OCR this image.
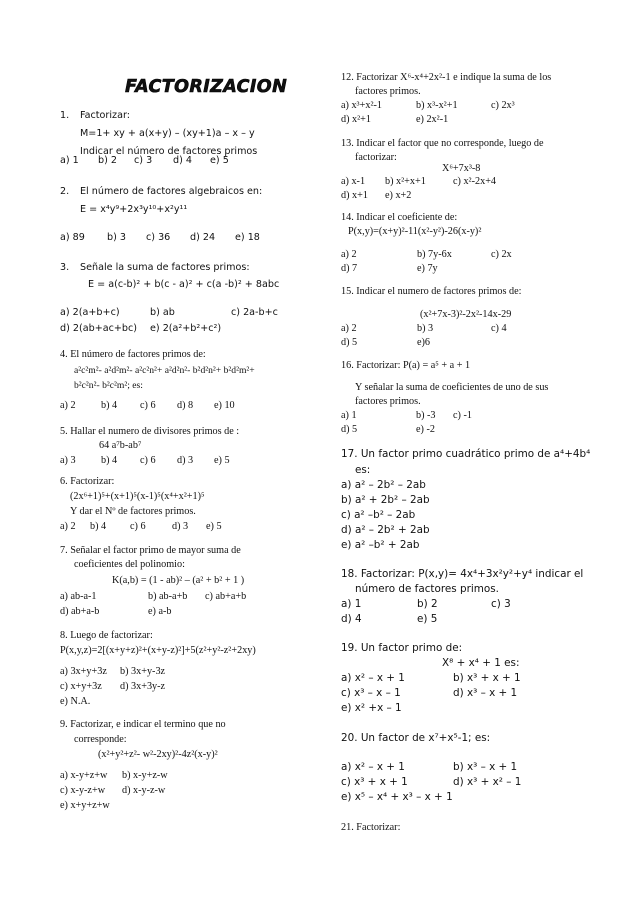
FACTORIZACION
1. Factorizar:
M=1+ xy + a(x+y) – (xy+1)a – x – y
Indicar el número de factores primos
a) 1 b) 2 c) 3 d) 4 e) 5
2. El número de factores algebraicos en:
E = x⁴y⁹+2x³y¹⁰+x²y¹¹
a) 89 b) 3 c) 36 d) 24 e) 18
3. Señale la suma de factores primos:
E = a(c-b)² + b(c - a)² + c(a -b)² + 8abc
a) 2(a+b+c)	b) ab	c) 2a-b+c
d) 2(ab+ac+bc) e) 2(a²+b²+c²)
4. El número de factores primos de:
a²c²m²- a²d²m²- a²c²n²+ a²d²n²- b²d²n²+ b²d²m²+
b²c²n²- b²c²m²; es:
a) 2 b) 4 c) 6 d) 8 e) 10
5. Hallar el numero de divisores primos de :
64 a⁷b-ab⁷
a) 3 b) 4 c) 6 d) 3 e) 5
6. Factorizar:
(2x⁶+1)⁵+(x+1)⁵(x-1)⁵(x⁴+x²+1)⁵
Y dar el Nº de factores primos.
a) 2 b) 4 c) 6	d) 3 e) 5
7. Señalar el factor primo de mayor suma de
coeficientes del polinomio:
K(a,b) = (1 - ab)² – (a² + b² + 1 )
a) ab-a-1	b) ab-a+b c) ab+a+b
d) ab+a-b	e) a-b
8. Luego de factorizar:
P(x,y,z)=2[(x+y+z)²+(x+y-z)²]+5(z²+y²-z²+2xy)
a) 3x+y+3z b) 3x+y-3z
c) x+y+3z d) 3x+3y-z
e) N.A.
9. Factorizar, e indicar el termino que no
corresponde:
(x²+y²+z²- w²-2xy)²-4z²(x-y)²
a) x-y+z+w b) x-y+z-w
c) x-y-z+w d) x-y-z-w
e) x+y+z+w
12. Factorizar X⁶-x⁴+2x²-1 e indique la suma de los
factores primos.
a) x³+x²-1	b) x³-x²+1	c) 2x³
d) x²+1	e) 2x²-1
13. Indicar el factor que no corresponde, luego de
factorizar:
X⁶+7x³-8
a) x-1 b) x²+x+1	c) x²-2x+4
d) x+1 e) x+2
14. Indicar el coeficiente de:
P(x,y)=(x+y)²-11(x²-y²)-26(x-y)²
a) 2	b) 7y-6x	c) 2x
d) 7	e) 7y
15. Indicar el numero de factores primos de:
(x²+7x-3)²-2x²-14x-29
a) 2	b) 3	c) 4
d) 5	e)6
16. Factorizar: P(a) = a⁵ + a + 1
Y señalar la suma de coeficientes de uno de sus
factores primos.
a) 1	b) -3 c) -1
d) 5	e) -2
17. Un factor primo cuadrático primo de a⁴+4b⁴
es:
a) a² – 2b² – 2ab
b) a² + 2b² – 2ab
c) a² –b² – 2ab
d) a² – 2b² + 2ab
e) a² –b² + 2ab
18. Factorizar: P(x,y)= 4x⁴+3x²y²+y⁴ indicar el
número de factores primos.
a) 1	b) 2	c) 3
d) 4	e) 5
19. Un factor primo de:
X⁸ + x⁴ + 1 es:
a) x² – x + 1	b) x³ + x + 1
c) x³ – x – 1	d) x³ – x + 1
e) x² +x – 1
20. Un factor de x⁷+x⁵-1; es:
a) x² – x + 1	b) x³ – x + 1
c) x³ + x + 1	d) x³ + x² – 1
e) x⁵ – x⁴ + x³ – x + 1
21. Factorizar:
